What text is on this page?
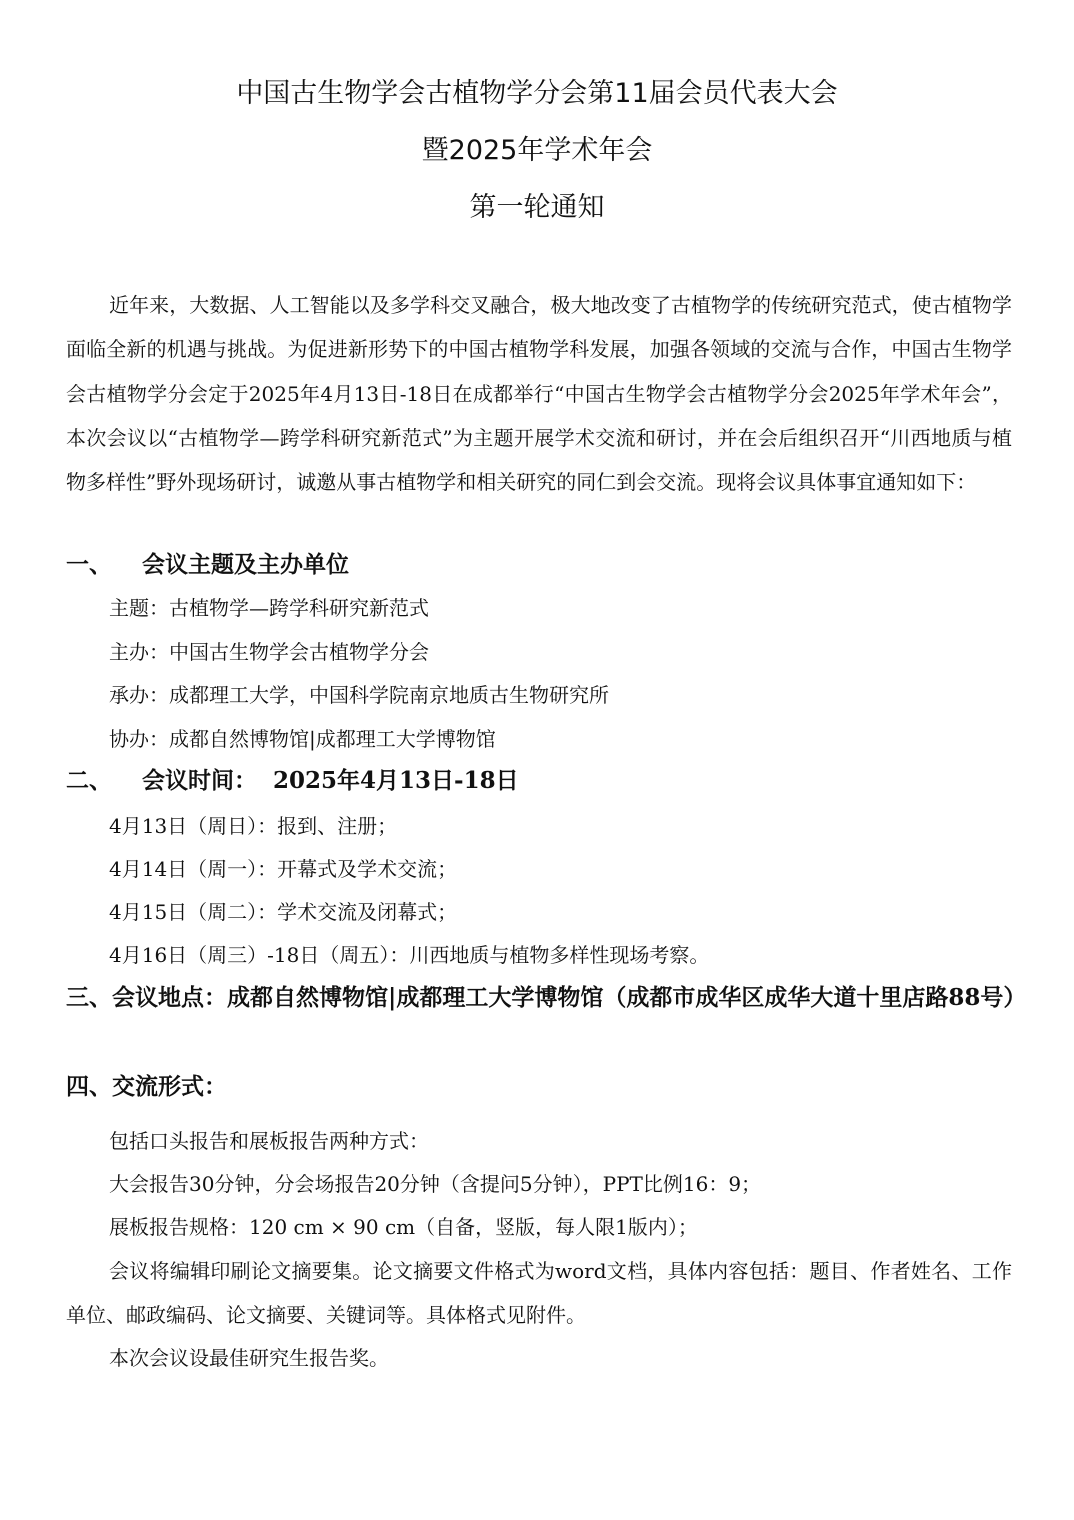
中国古生物学会古植物学分会第11届会员代表大会
暨2025年学术年会
第一轮通知

近年来，大数据、人工智能以及多学科交叉融合，极大地改变了古植物学的传统研究范式，使古植物学面临全新的机遇与挑战。为促进新形势下的中国古植物学科发展，加强各领域的交流与合作，中国古生物学会古植物学分会定于2025年4月13日-18日在成都举行“中国古生物学会古植物学分会2025年学术年会”，本次会议以“古植物学—跨学科研究新范式”为主题开展学术交流和研讨，并在会后组织召开“川西地质与植物多样性”野外现场研讨，诚邀从事古植物学和相关研究的同仁到会交流。现将会议具体事宜通知如下：

一、 会议主题及主办单位

主题：古植物学—跨学科研究新范式

主办：中国古生物学会古植物学分会

承办：成都理工大学，中国科学院南京地质古生物研究所

协办：成都自然博物馆|成都理工大学博物馆

二、 会议时间： 2025年4月13日-18日

4月13日（周日）：报到、注册；

4月14日（周一）：开幕式及学术交流；

4月15日（周二）：学术交流及闭幕式；

4月16日（周三）-18日（周五）：川西地质与植物多样性现场考察。

三、会议地点：成都自然博物馆|成都理工大学博物馆（成都市成华区成华大道十里店路88号）

四、交流形式：

包括口头报告和展板报告两种方式：

大会报告30分钟，分会场报告20分钟（含提问5分钟），PPT比例16：9；

展板报告规格：120 cm × 90 cm（自备，竖版，每人限1版内）；

会议将编辑印刷论文摘要集。论文摘要文件格式为word文档，具体内容包括：题目、作者姓名、工作单位、邮政编码、论文摘要、关键词等。具体格式见附件。

本次会议设最佳研究生报告奖。
